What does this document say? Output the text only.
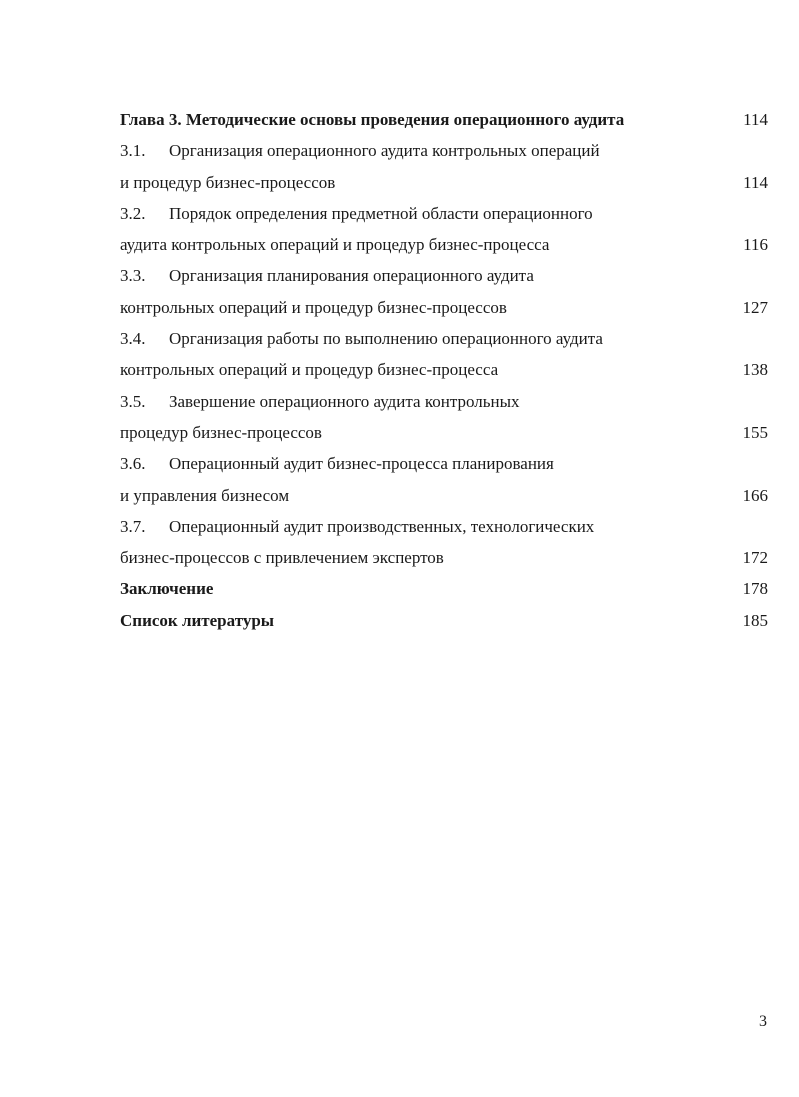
Глава 3. Методические основы проведения операционного аудита	114
3.1. Организация операционного аудита контрольных операций
и процедур бизнес-процессов	114
3.2. Порядок определения предметной области операционного
аудита контрольных операций и процедур бизнес-процесса	116
3.3. Организация планирования операционного аудита
контрольных операций и процедур бизнес-процессов	127
3.4. Организация работы по выполнению операционного аудита
контрольных операций и процедур бизнес-процесса	138
3.5. Завершение операционного аудита контрольных
процедур бизнес-процессов	155
3.6. Операционный аудит бизнес-процесса планирования
и управления бизнесом	166
3.7. Операционный аудит производственных, технологических
бизнес-процессов с привлечением экспертов	172
Заключение	178
Список литературы	185
3
